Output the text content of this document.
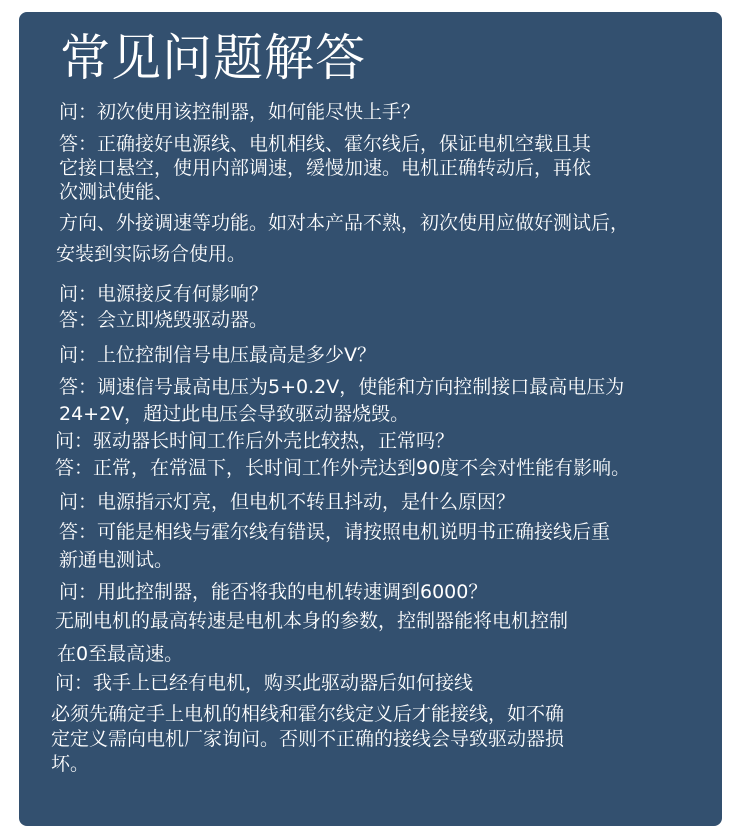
常见问题解答
问：初次使用该控制器，如何能尽快上手？
答：正确接好电源线、电机相线、霍尔线后，保证电机空载且其
它接口悬空，使用内部调速，缓慢加速。电机正确转动后，再依
次测试使能、
方向、外接调速等功能。如对本产品不熟，初次使用应做好测试后，
安装到实际场合使用。
问：电源接反有何影响？
答：会立即烧毁驱动器。
问：上位控制信号电压最高是多少V？
答：调速信号最高电压为5+0.2V，使能和方向控制接口最高电压为
24+2V，超过此电压会导致驱动器烧毁。
问：驱动器长时间工作后外壳比较热，正常吗？
答：正常，在常温下，长时间工作外壳达到90度不会对性能有影响。
问：电源指示灯亮，但电机不转且抖动，是什么原因？
答：可能是相线与霍尔线有错误，请按照电机说明书正确接线后重
新通电测试。
问：用此控制器，能否将我的电机转速调到6000？
无刷电机的最高转速是电机本身的参数，控制器能将电机控制
在0至最高速。
问：我手上已经有电机，购买此驱动器后如何接线
必须先确定手上电机的相线和霍尔线定义后才能接线，如不确
定定义需向电机厂家询问。否则不正确的接线会导致驱动器损
坏。
